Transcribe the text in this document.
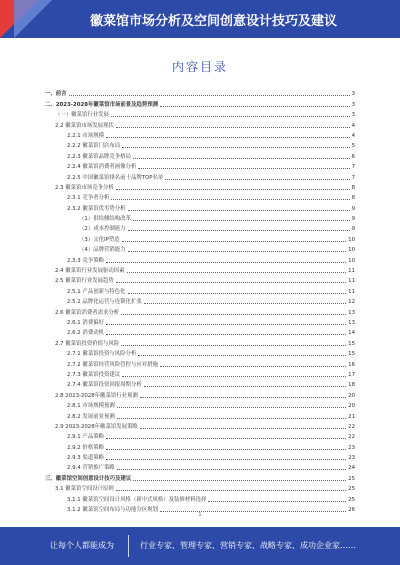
徽菜馆市场分析及空间创意设计技巧及建议
内容目录
一、前言	3
二、2023-2028年徽菜馆市场前景及趋势预测	3
（一）徽菜馆行业发展	3
2.2 徽菜馆市场发展现状	4
2.2.1 市场规模	4
2.2.2 徽菜馆门店布局	5
2.2.3 徽菜馆品牌竞争格局	6
2.2.4 徽菜馆消费者画像分析	7
2.2.5 中国徽菜馆排名前十品牌TOP名单	7
2.3 徽菜馆市场竞争分析	8
2.3.1 竞争者分析	8
2.3.2 徽菜馆优劣势分析	9
（1）供给侧结构改革	9
（2）成本控制能力	9
（3）文化IP塑造	10
（4）品牌营销能力	10
2.3.3 竞争策略	10
2.4 徽菜馆行业发展驱动因素	11
2.5 徽菜馆行业发展趋势	11
2.5.1 产品创新与特色化	11
2.5.2 品牌化运营与连锁化扩张	12
2.6 徽菜馆消费者需求分析	13
2.6.1 消费偏好	13
2.6.2 消费动机	14
2.7 徽菜馆投资价值与风险	15
2.7.1 徽菜馆投资与风险分析	15
2.7.2 徽菜馆经营风险管控与应对措施	16
2.7.3 徽菜馆投资建议	17
2.7.4 徽菜馆投资回报周期分析	18
2.8 2023-2028年徽菜馆行业预测	20
2.8.1 市场规模预测	20
2.8.2 发展前景预测	21
2.9 2023-2028年徽菜馆发展策略	22
2.9.1 产品策略	22
2.9.2 价格策略	23
2.9.3 渠道策略	23
2.9.4 营销推广策略	24
三、徽菜馆空间创意设计技巧及建议	25
3.1 徽菜馆空间设计原则	25
3.1.1 徽菜馆空间设计风格（新中式风格）及装修材料选择	25
3.1.2 徽菜馆空间布局与功能分区规划	26
1
让每个人都能成为	行业专家、管理专家、营销专家、战略专家、成功企业家……
